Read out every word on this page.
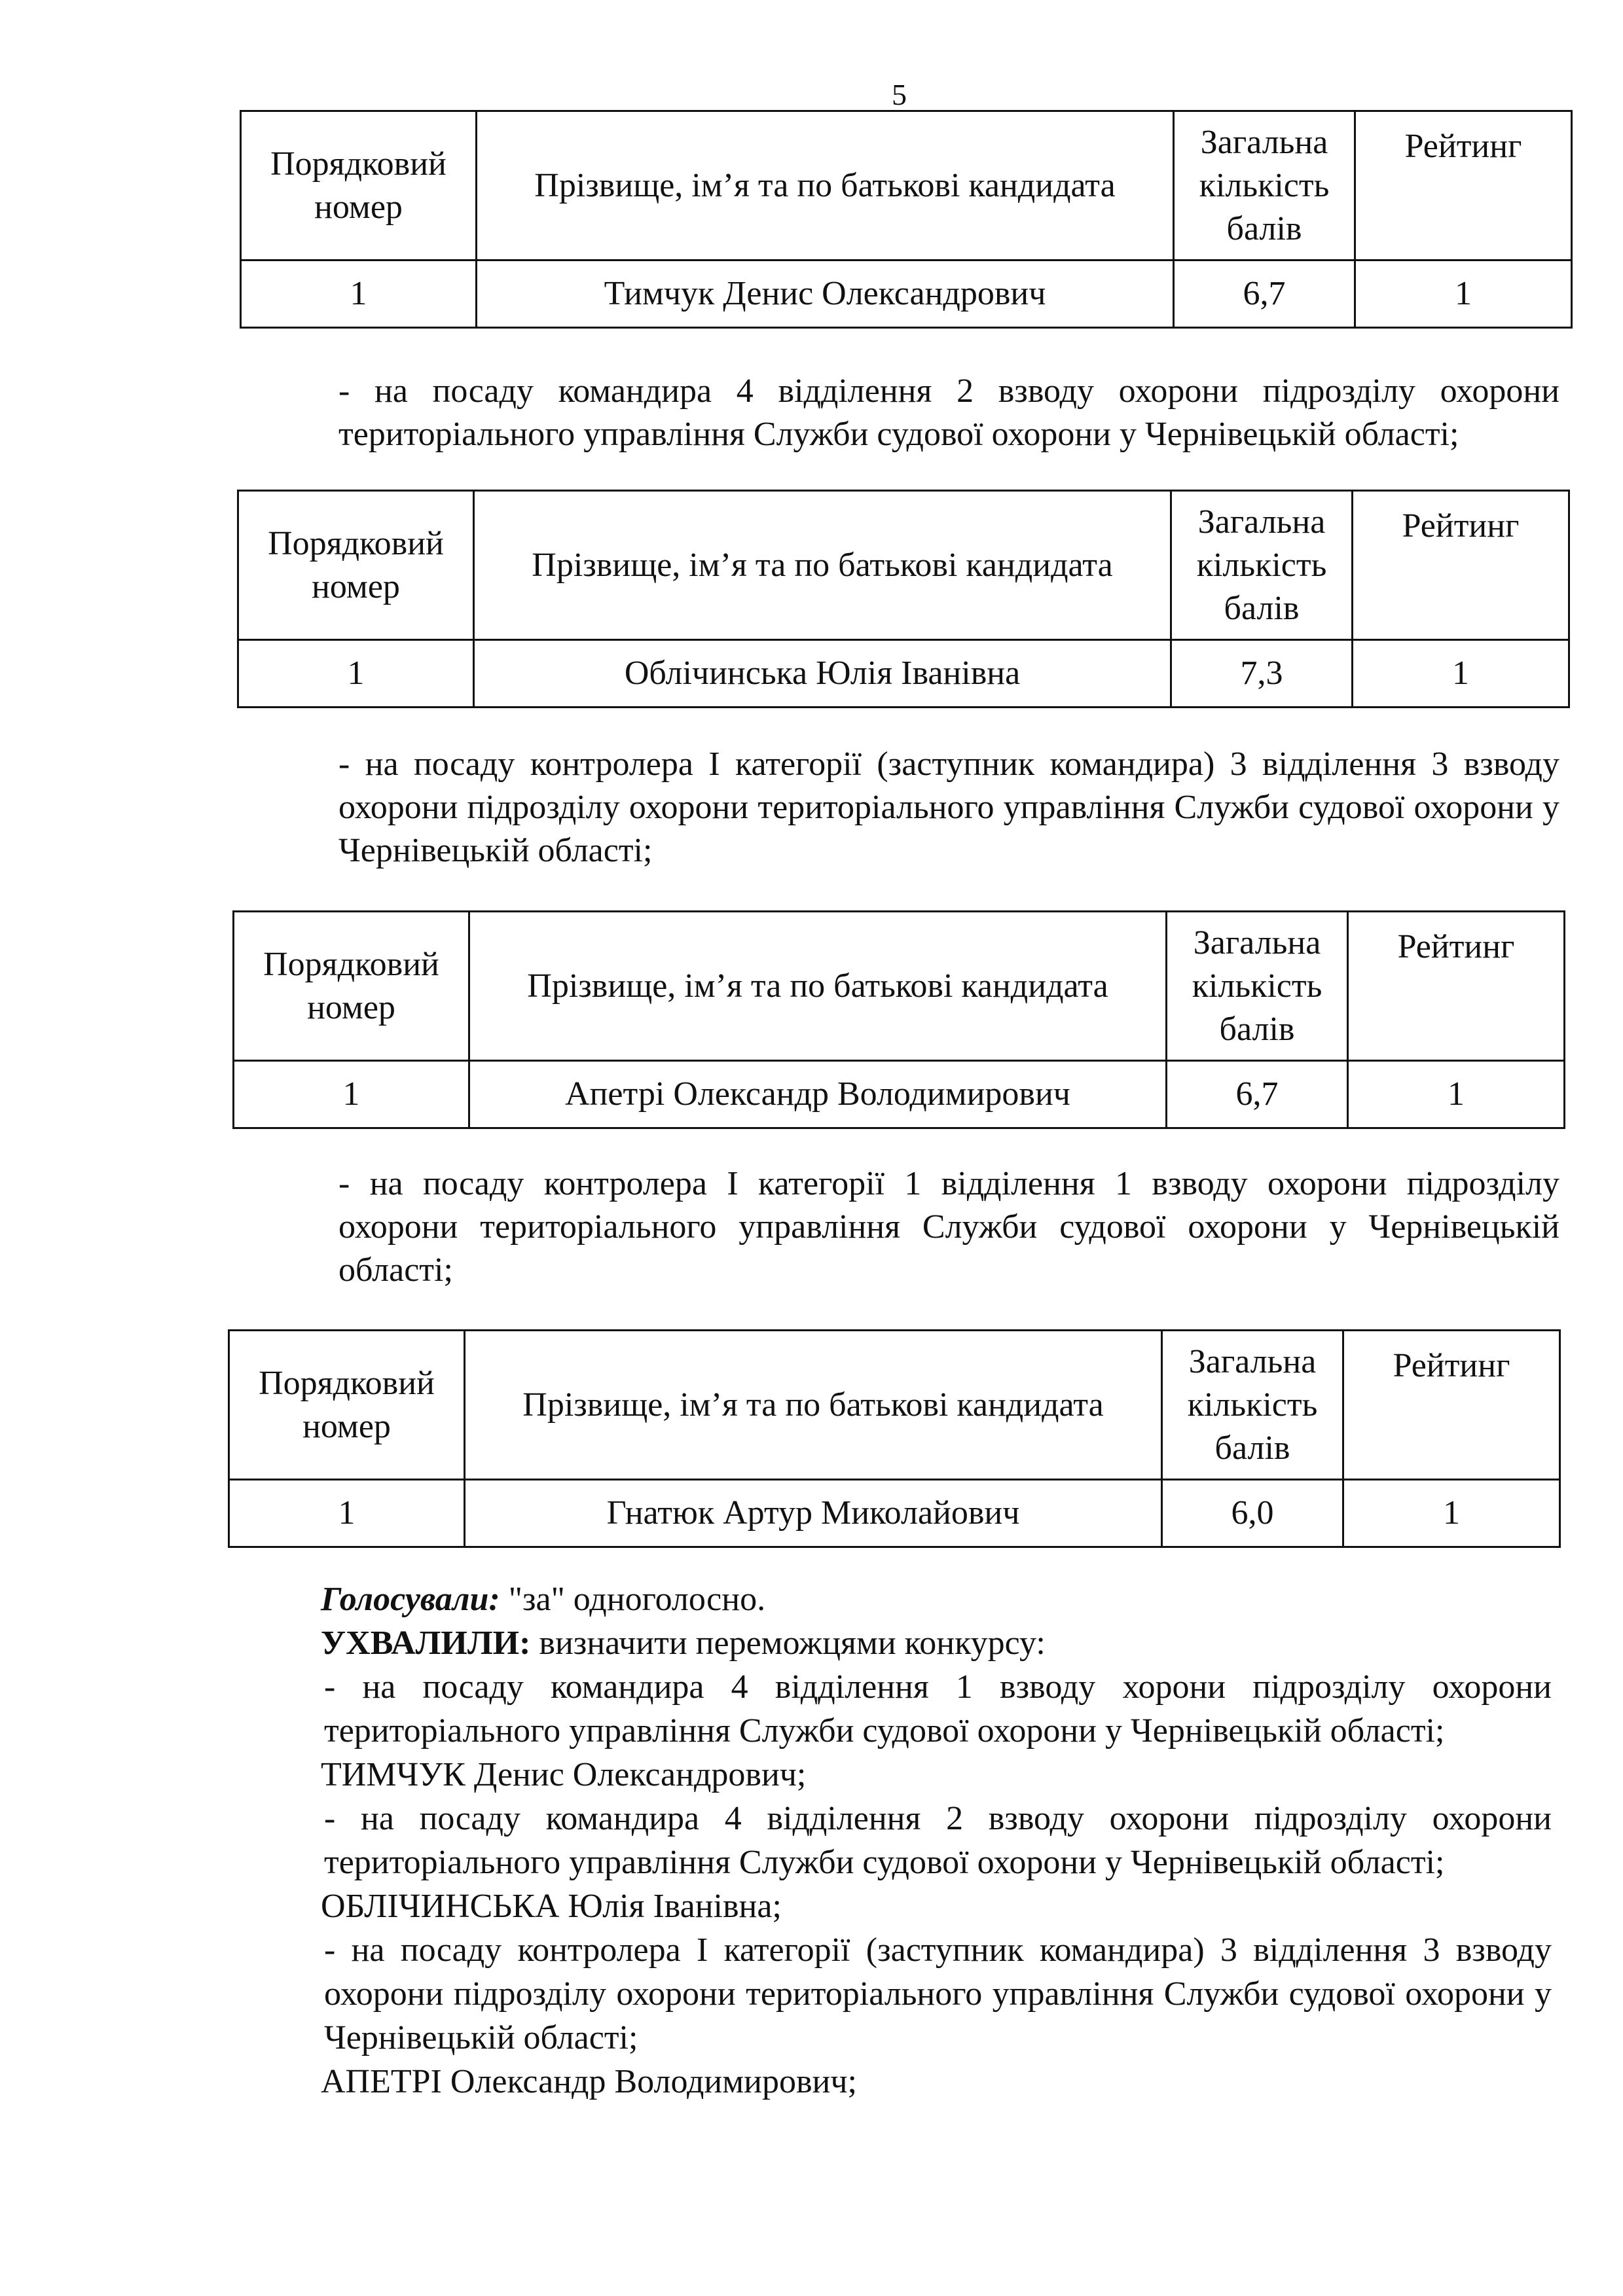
5
Порядковий номер	Прізвище, ім’я та по батькові кандидата	Загальна
кількість
балів	Рейтинг
1	Тимчук Денис Олександрович	6,7	1
- на посаду командира 4 відділення 2 взводу охорони підрозділу охорони територіального управління Служби судової охорони у Чернівецькій області;
Порядковий номер	Прізвище, ім’я та по батькові кандидата	Загальна
кількість
балів	Рейтинг
1	Облічинська Юлія Іванівна	7,3	1
- на посаду контролера І категорії (заступник командира) 3 відділення 3 взводу охорони підрозділу охорони територіального управління Служби судової охорони у Чернівецькій області;
Порядковий номер	Прізвище, ім’я та по батькові кандидата	Загальна
кількість
балів	Рейтинг
1	Апетрі Олександр Володимирович	6,7	1
- на посаду контролера І категорії 1 відділення 1 взводу охорони підрозділу охорони територіального управління Служби судової охорони у Чернівецькій області;
Порядковий номер	Прізвище, ім’я та по батькові кандидата	Загальна
кількість
балів	Рейтинг
1	Гнатюк Артур Миколайович	6,0	1
Голосували: "за" одноголосно.
УХВАЛИЛИ: визначити переможцями конкурсу:
- на посаду командира 4 відділення 1 взводу хорони підрозділу охорони територіального управління Служби судової охорони у Чернівецькій області;
ТИМЧУК Денис Олександрович;
- на посаду командира 4 відділення 2 взводу охорони підрозділу охорони територіального управління Служби судової охорони у Чернівецькій області;
ОБЛІЧИНСЬКА Юлія Іванівна;
- на посаду контролера І категорії (заступник командира) 3 відділення 3 взводу охорони підрозділу охорони територіального управління Служби судової охорони у Чернівецькій області;
АПЕТРІ Олександр Володимирович;
